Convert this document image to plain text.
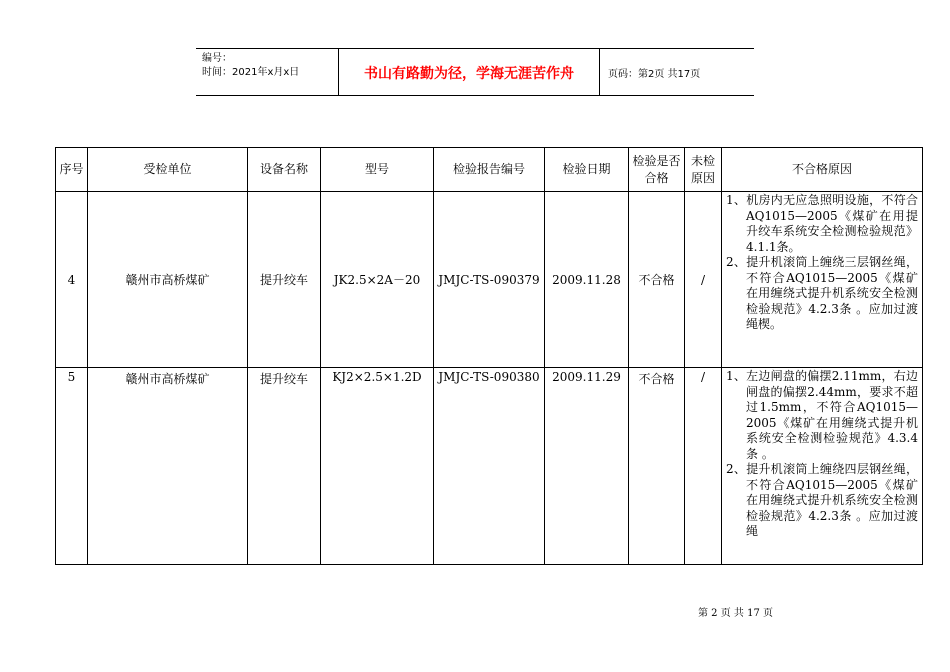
编号：
时间：2021年x月x日	书山有路勤为径，学海无涯苦作舟	页码：第2页 共17页
序号	受检单位	设备名称	型号	检验报告编号	检验日期	检验是否合格	未检原因	不合格原因
4	赣州市高桥煤矿	提升绞车	JK2.5×2A－20	JMJC-TS-090379	2009.11.28	不合格	/	1、机房内无应急照明设施，不符合AQ1015—2005《煤矿在用提升绞车系统安全检测检验规范》4.1.1条。
2、提升机滚筒上缠绕三层钢丝绳，不符合AQ1015—2005《煤矿在用缠绕式提升机系统安全检测检验规范》4.2.3条 。应加过渡绳楔。

5	赣州市高桥煤矿	提升绞车	KJ2×2.5×1.2D	JMJC-TS-090380	2009.11.29	不合格	/	1、左边闸盘的偏摆2.11mm，右边闸盘的偏摆2.44mm，要求不超过1.5mm，不符合AQ1015—2005《煤矿在用缠绕式提升机系统安全检测检验规范》4.3.4条 。
2、提升机滚筒上缠绕四层钢丝绳，不符合AQ1015—2005《煤矿在用缠绕式提升机系统安全检测检验规范》4.2.3条 。应加过渡绳
第 2 页 共 17 页
